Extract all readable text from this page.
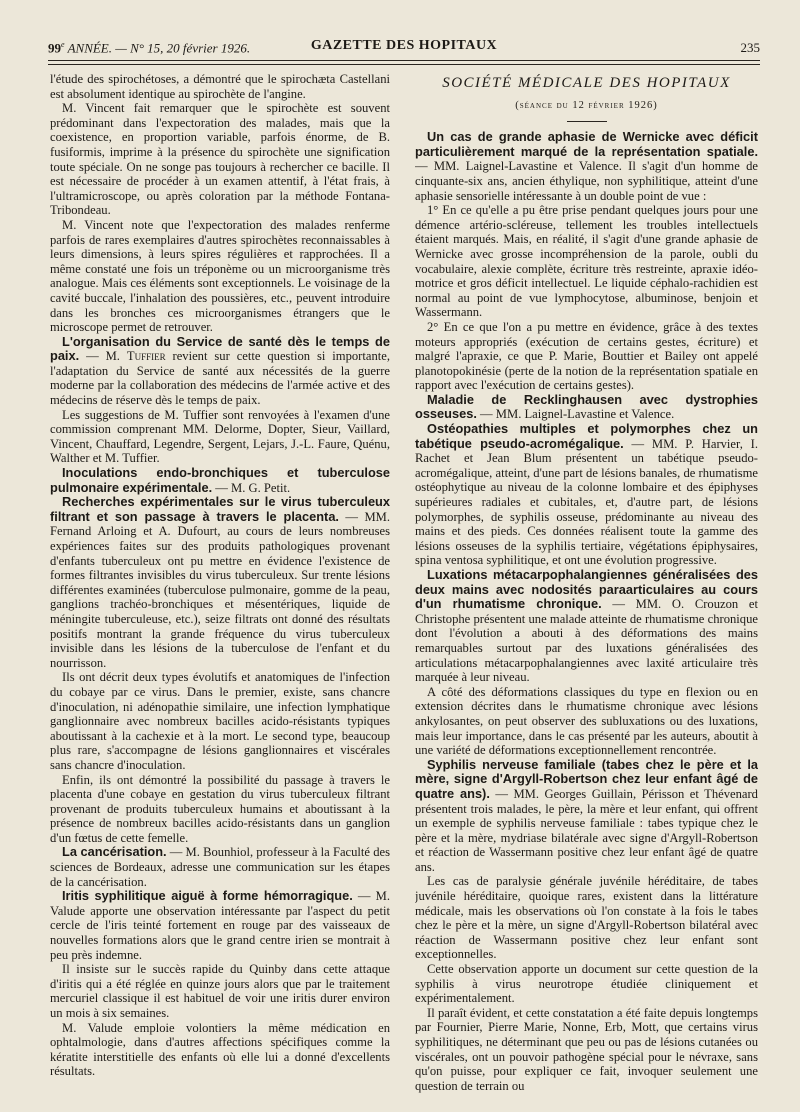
99e ANNÉE. — N° 15, 20 février 1926.	GAZETTE DES HOPITAUX	235

l'étude des spirochétoses, a démontré que le spirochæta Castellani est absolument identique au spirochète de l'angine.

M. Vincent fait remarquer que le spirochète est souvent prédominant dans l'expectoration des malades, mais que la coexistence, en proportion variable, parfois énorme, de B. fusiformis, imprime à la présence du spirochète une signification toute spéciale. On ne songe pas toujours à rechercher ce bacille. Il est nécessaire de procéder à un examen attentif, à l'état frais, à l'ultramicroscope, ou après coloration par la méthode Fontana-Tribondeau.

M. Vincent note que l'expectoration des malades renferme parfois de rares exemplaires d'autres spirochètes reconnaissables à leurs dimensions, à leurs spires régulières et rapprochées. Il a même constaté une fois un tréponème ou un microorganisme très analogue. Mais ces éléments sont exceptionnels. Le voisinage de la cavité buccale, l'inhalation des poussières, etc., peuvent introduire dans les bronches ces microorganismes étrangers que le microscope permet de retrouver.

L'organisation du Service de santé dès le temps de paix. — M. Tuffier revient sur cette question si importante, l'adaptation du Service de santé aux nécessités de la guerre moderne par la collaboration des médecins de l'armée active et des médecins de réserve dès le temps de paix.

Les suggestions de M. Tuffier sont renvoyées à l'examen d'une commission comprenant MM. Delorme, Dopter, Sieur, Vaillard, Vincent, Chauffard, Legendre, Sergent, Lejars, J.-L. Faure, Quénu, Walther et M. Tuffier.

Inoculations endo-bronchiques et tuberculose pulmonaire expérimentale. — M. G. Petit.

Recherches expérimentales sur le virus tuberculeux filtrant et son passage à travers le placenta. — MM. Fernand Arloing et A. Dufourt, au cours de leurs nombreuses expériences faites sur des produits pathologiques provenant d'enfants tuberculeux ont pu mettre en évidence l'existence de formes filtrantes invisibles du virus tuberculeux. Sur trente lésions différentes examinées (tuberculose pulmonaire, gomme de la peau, ganglions trachéo-bronchiques et mésentériques, liquide de méningite tuberculeuse, etc.), seize filtrats ont donné des résultats positifs montrant la grande fréquence du virus tuberculeux invisible dans les lésions de la tuberculose de l'enfant et du nourrisson.

Ils ont décrit deux types évolutifs et anatomiques de l'infection du cobaye par ce virus. Dans le premier, existe, sans chancre d'inoculation, ni adénopathie similaire, une infection lymphatique ganglionnaire avec nombreux bacilles acido-résistants typiques aboutissant à la cachexie et à la mort. Le second type, beaucoup plus rare, s'accompagne de lésions ganglionnaires et viscérales sans chancre d'inoculation.

Enfin, ils ont démontré la possibilité du passage à travers le placenta d'une cobaye en gestation du virus tuberculeux filtrant provenant de produits tuberculeux humains et aboutissant à la présence de nombreux bacilles acido-résistants dans un ganglion d'un fœtus de cette femelle.

La cancérisation. — M. Bounhiol, professeur à la Faculté des sciences de Bordeaux, adresse une communication sur les étapes de la cancérisation.

Iritis syphilitique aiguë à forme hémorragique. — M. Valude apporte une observation intéressante par l'aspect du petit cercle de l'iris teinté fortement en rouge par des vaisseaux de nouvelles formations alors que le grand centre irien se montrait à peu près indemne.

Il insiste sur le succès rapide du Quinby dans cette attaque d'iritis qui a été réglée en quinze jours alors que par le traitement mercuriel classique il est habituel de voir une iritis durer environ un mois à six semaines.

M. Valude emploie volontiers la même médication en ophtalmologie, dans d'autres affections spécifiques comme la kératite interstitielle des enfants où elle lui a donné d'excellents résultats.

SOCIÉTÉ MÉDICALE DES HOPITAUX
(séance du 12 février 1926)

Un cas de grande aphasie de Wernicke avec déficit particulièrement marqué de la représentation spatiale. — MM. Laignel-Lavastine et Valence. Il s'agit d'un homme de cinquante-six ans, ancien éthylique, non syphilitique, atteint d'une aphasie sensorielle intéressante à un double point de vue :

1° En ce qu'elle a pu être prise pendant quelques jours pour une démence artério-scléreuse, tellement les troubles intellectuels étaient marqués. Mais, en réalité, il s'agit d'une grande aphasie de Wernicke avec grosse incompréhension de la parole, oubli du vocabulaire, alexie complète, écriture très restreinte, apraxie idéo-motrice et gros déficit intellectuel. Le liquide céphalo-rachidien est normal au point de vue lymphocytose, albuminose, benjoin et Wassermann.

2° En ce que l'on a pu mettre en évidence, grâce à des textes moteurs appropriés (exécution de certains gestes, écriture) et malgré l'apraxie, ce que P. Marie, Bouttier et Bailey ont appelé planotopokinésie (perte de la notion de la représentation spatiale en rapport avec l'exécution de certains gestes).

Maladie de Recklinghausen avec dystrophies osseuses. — MM. Laignel-Lavastine et Valence.

Ostéopathies multiples et polymorphes chez un tabétique pseudo-acromégalique. — MM. P. Harvier, I. Rachet et Jean Blum présentent un tabétique pseudo-acromégalique, atteint, d'une part de lésions banales, de rhumatisme ostéophytique au niveau de la colonne lombaire et des épiphyses supérieures radiales et cubitales, et, d'autre part, de lésions polymorphes, de syphilis osseuse, prédominante au niveau des mains et des pieds. Ces données réalisent toute la gamme des lésions osseuses de la syphilis tertiaire, végétations épiphysaires, spina ventosa syphilitique, et ont une évolution progressive.

Luxations métacarpophalangiennes généralisées des deux mains avec nodosités paraarticulaires au cours d'un rhumatisme chronique. — MM. O. Crouzon et Christophe présentent une malade atteinte de rhumatisme chronique dont l'évolution a abouti à des déformations des mains remarquables surtout par des luxations généralisées des articulations métacarpophalangiennes avec laxité articulaire très marquée à leur niveau.

A côté des déformations classiques du type en flexion ou en extension décrites dans le rhumatisme chronique avec lésions ankylosantes, on peut observer des subluxations ou des luxations, mais leur importance, dans le cas présenté par les auteurs, aboutit à une variété de déformations exceptionnellement rencontrée.

Syphilis nerveuse familiale (tabes chez le père et la mère, signe d'Argyll-Robertson chez leur enfant âgé de quatre ans). — MM. Georges Guillain, Périsson et Thévenard présentent trois malades, le père, la mère et leur enfant, qui offrent un exemple de syphilis nerveuse familiale : tabes typique chez le père et la mère, mydriase bilatérale avec signe d'Argyll-Robertson et réaction de Wassermann positive chez leur enfant âgé de quatre ans.

Les cas de paralysie générale juvénile héréditaire, de tabes juvénile héréditaire, quoique rares, existent dans la littérature médicale, mais les observations où l'on constate à la fois le tabes chez le père et la mère, un signe d'Argyll-Robertson bilatéral avec réaction de Wassermann positive chez leur enfant sont exceptionnelles.

Cette observation apporte un document sur cette question de la syphilis à virus neurotrope étudiée cliniquement et expérimentalement.

Il paraît évident, et cette constatation a été faite depuis longtemps par Fournier, Pierre Marie, Nonne, Erb, Mott, que certains virus syphilitiques, ne déterminant que peu ou pas de lésions cutanées ou viscérales, ont un pouvoir pathogène spécial pour le névraxe, sans qu'on puisse, pour expliquer ce fait, invoquer seulement une question de terrain ou
